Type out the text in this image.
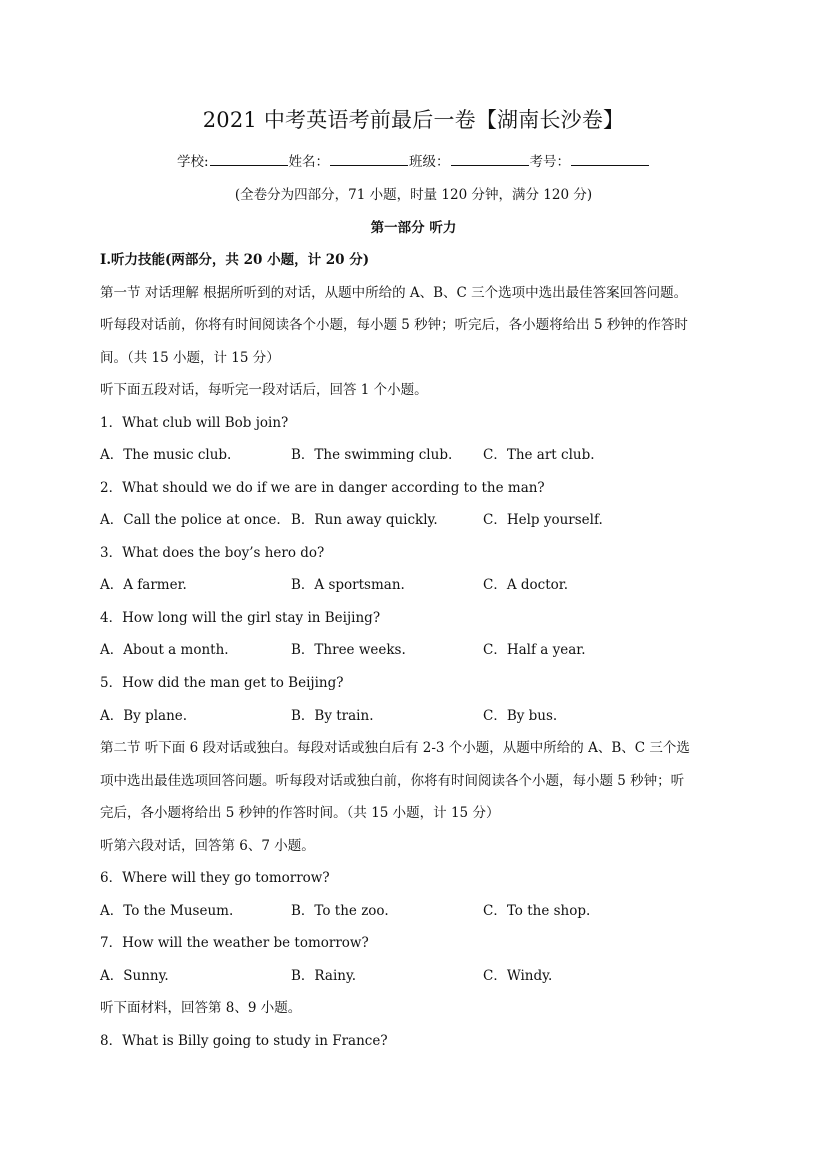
2021 中考英语考前最后一卷【湖南长沙卷】
学校:	姓名：	班级：	考号：
(全卷分为四部分，71 小题，时量 120 分钟，满分 120 分)
第一部分 听力
Ⅰ.听力技能(两部分，共 20 小题，计 20 分)
第一节 对话理解 根据所听到的对话，从题中所给的 A、B、C 三个选项中选出最佳答案回答问题。
听每段对话前，你将有时间阅读各个小题，每小题 5 秒钟；听完后，各小题将给出 5 秒钟的作答时
间。（共 15 小题，计 15 分）
听下面五段对话，每听完一段对话后，回答 1 个小题。
1．What club will Bob join?
A．The music club.	B．The swimming club. C．The art club.
2．What should we do if we are in danger according to the man?
A．Call the police at once. B．Run away quickly.	C．Help yourself.
3．What does the boy’s hero do?
A．A farmer.	B．A sportsman.	C．A doctor.
4．How long will the girl stay in Beijing?
A．About a month.	B．Three weeks.	C．Half a year.
5．How did the man get to Beijing?
A．By plane.	B．By train.	C．By bus.
第二节 听下面 6 段对话或独白。每段对话或独白后有 2-3 个小题，从题中所给的 A、B、C 三个选
项中选出最佳选项回答问题。听每段对话或独白前，你将有时间阅读各个小题，每小题 5 秒钟；听
完后，各小题将给出 5 秒钟的作答时间。（共 15 小题，计 15 分）
听第六段对话，回答第 6、7 小题。
6．Where will they go tomorrow?
A．To the Museum.	B．To the zoo.	C．To the shop.
7．How will the weather be tomorrow?
A．Sunny.	B．Rainy.	C．Windy.
听下面材料，回答第 8、9 小题。
8．What is Billy going to study in France?
